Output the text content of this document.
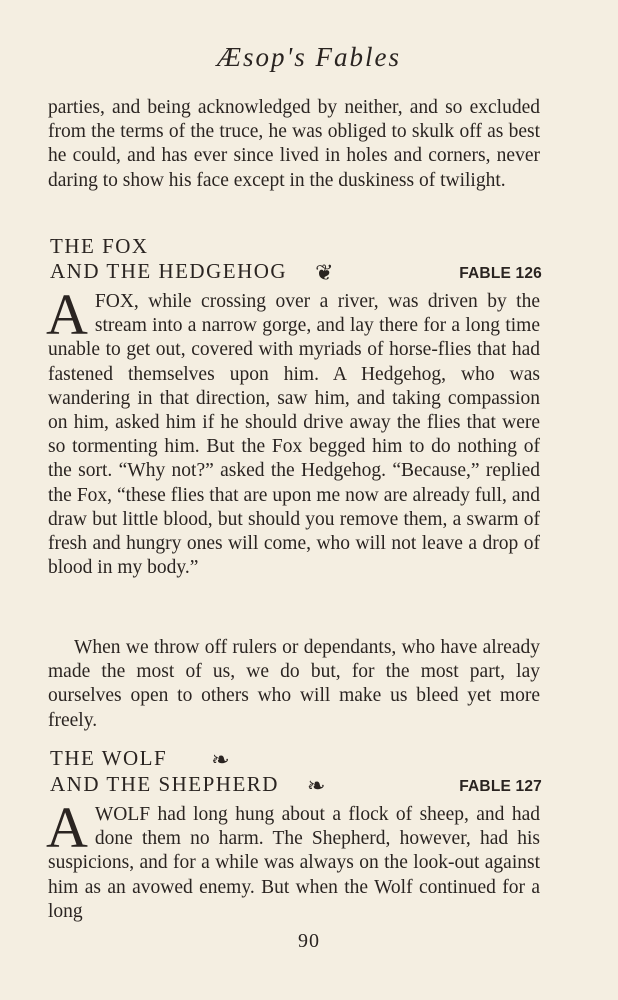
Æsop's Fables

parties, and being acknowledged by neither, and so excluded from the terms of the truce, he was obliged to skulk off as best he could, and has ever since lived in holes and corners, never daring to show his face except in the duskiness of twilight.

THE FOX
AND THE HEDGEHOG ❦	FABLE 126

AFOX, while crossing over a river, was driven by the stream into a narrow gorge, and lay there for a long time unable to get out, covered with myriads of horse-flies that had fastened themselves upon him. A Hedgehog, who was wandering in that direction, saw him, and taking compassion on him, asked him if he should drive away the flies that were so tormenting him. But the Fox begged him to do nothing of the sort. “Why not?” asked the Hedgehog. “Because,” replied the Fox, “these flies that are upon me now are already full, and draw but little blood, but should you remove them, a swarm of fresh and hungry ones will come, who will not leave a drop of blood in my body.”

When we throw off rulers or dependants, who have already made the most of us, we do but, for the most part, lay ourselves open to others who will make us bleed yet more freely.

THE WOLF ❧
AND THE SHEPHERD ❧	FABLE 127

AWOLF had long hung about a flock of sheep, and had done them no harm. The Shepherd, however, had his suspicions, and for a while was always on the look-out against him as an avowed enemy. But when the Wolf continued for a long

90
